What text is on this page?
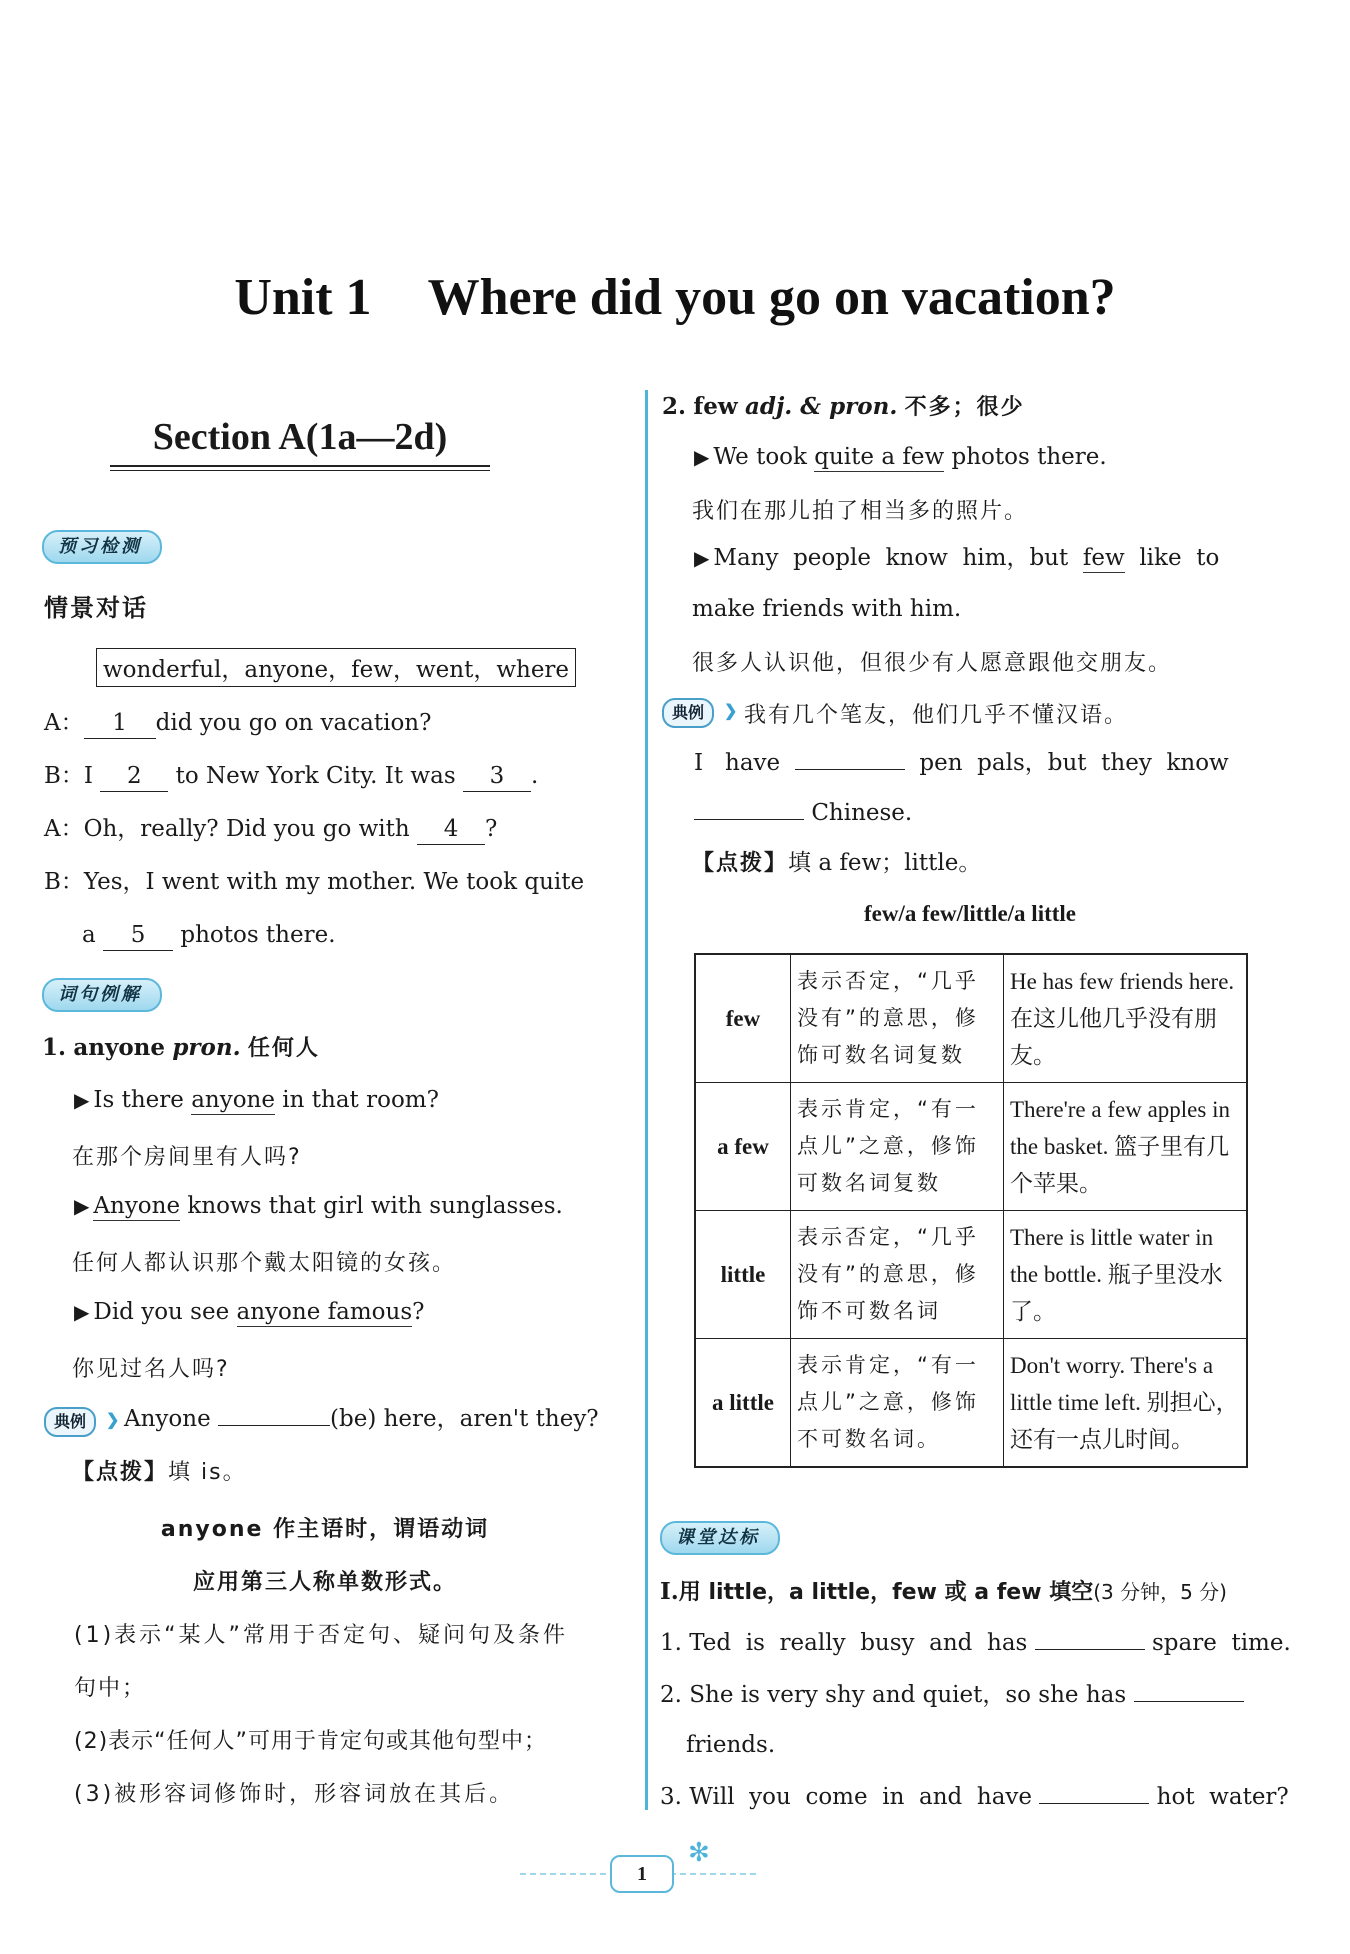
Unit 1 Where did you go on vacation?
Section A(1a—2d)
预习检测
情景对话
wonderful，anyone，few，went，where
A： 1 did you go on vacation?
B：I 2 to New York City. It was 3 .
A：Oh，really? Did you go with 4 ?
B：Yes，I went with my mother. We took quite
a 5 photos there.
词句例解
1. anyone pron. 任何人
▶ Is there anyone in that room?
在那个房间里有人吗?
▶ Anyone knows that girl with sunglasses.
任何人都认识那个戴太阳镜的女孩。
▶ Did you see anyone famous?
你见过名人吗?
典例	❯ Anyone	(be) here，aren't they?
【点拨】填 is。
anyone 作主语时，谓语动词
应用第三人称单数形式。
(1)表示“某人”常用于否定句、疑问句及条件
句中；
(2)表示“任何人”可用于肯定句或其他句型中；
(3)被形容词修饰时，形容词放在其后。
2. few adj. & pron. 不多；很少
▶ We took quite a few photos there.
我们在那儿拍了相当多的照片。
▶ Many  people  know  him，but few like  to
make friends with him.
很多人认识他，但很少有人愿意跟他交朋友。
典例	❯ 我有几个笔友，他们几乎不懂汉语。
I   have	pen  pals，but  they  know
Chinese.
【点拨】填 a few；little。
few/a few/little/a little
few	表示否定，“几乎没有”的意思，修饰可数名词复数	He has few friends here. 在这儿他几乎没有朋友。
a few	表示肯定，“有一点儿”之意，修饰可数名词复数	There're a few apples in the basket. 篮子里有几个苹果。
little	表示否定，“几乎没有”的意思，修饰不可数名词	There is little water in the bottle. 瓶子里没水了。
a little	表示肯定，“有一点儿”之意，修饰不可数名词。	Don't worry. There's a little time left. 别担心，还有一点儿时间。
课堂达标
Ⅰ.用 little，a little，few 或 a few 填空(3 分钟，5 分)
1. Ted  is  really  busy  and  has	spare  time.
2. She is very shy and quiet，so she has
friends.
3. Will  you  come  in  and  have	hot  water?
✻
1
